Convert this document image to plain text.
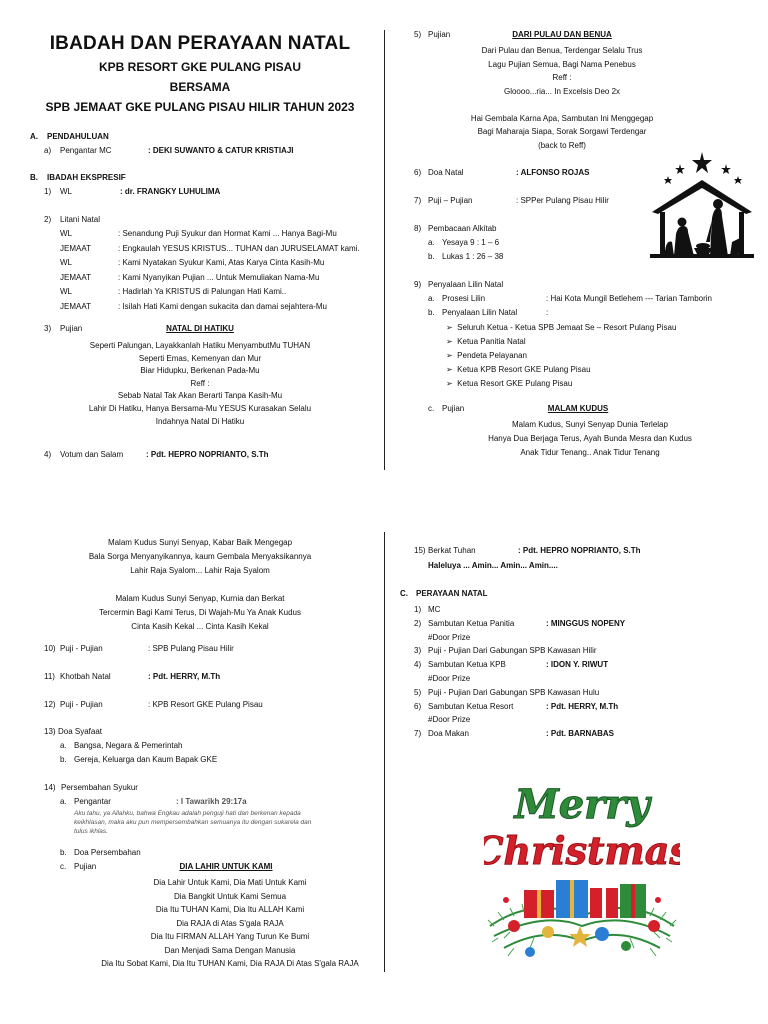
IBADAH DAN PERAYAAN NATAL
KPB RESORT GKE PULANG PISAU
BERSAMA
SPB JEMAAT GKE PULANG PISAU HILIR TAHUN 2023
A. PENDAHULUAN
a) Pengantar MC	: DEKI SUWANTO & CATUR KRISTIAJI
B. IBADAH EKSPRESIF
1) WL	: dr. FRANGKY LUHULIMA
2) Litani Natal
WL	: Senandung Puji Syukur dan Hormat Kami ... Hanya Bagi-Mu
JEMAAT	: Engkaulah YESUS KRISTUS... TUHAN dan JURUSELAMAT kami.
WL	: Kami Nyatakan Syukur Kami, Atas Karya Cinta Kasih-Mu
JEMAAT	: Kami Nyanyikan Pujian ... Untuk Memuliakan Nama-Mu
WL	: Hadirlah Ya KRISTUS di Palungan Hati Kami..
JEMAAT	: Isilah Hati Kami dengan sukacita dan damai sejahtera-Mu
3) Pujian	NATAL DI HATIKU
Seperti Palungan, Layakkanlah Hatiku MenyambutMu TUHAN
Seperti Emas, Kemenyan dan Mur
Biar Hidupku, Berkenan Pada-Mu
Reff :
Sebab Natal Tak Akan Berarti Tanpa Kasih-Mu
Lahir Di Hatiku, Hanya Bersama-Mu YESUS Kurasakan Selalu
Indahnya Natal Di Hatiku
4) Votum dan Salam	: Pdt. HEPRO NOPRIANTO, S.Th
5) Pujian	DARI PULAU DAN BENUA
Dari Pulau dan Benua, Terdengar Selalu Trus
Lagu Pujian Semua, Bagi Nama Penebus
Reff :
Gloooo...ria... In Excelsis Deo 2x
Hai Gembala Karna Apa, Sambutan Ini Menggegap
Bagi Maharaja Siapa, Sorak Sorgawi Terdengar
(back to Reff)
6) Doa Natal	: ALFONSO ROJAS
7) Puji – Pujian	: SPPer Pulang Pisau Hilir
8) Pembacaan Alkitab
a. Yesaya 9 : 1 – 6
b. Lukas 1 : 26 – 38
9) Penyalaan Lilin Natal
a. Prosesi Lilin	: Hai Kota Mungil Betlehem --- Tarian Tamborin
b. Penyalaan Lilin Natal	:
➢  Seluruh Ketua - Ketua SPB Jemaat Se – Resort Pulang Pisau
➢  Ketua Panitia Natal
➢  Pendeta Pelayanan
➢  Ketua KPB Resort GKE Pulang Pisau
➢  Ketua Resort GKE Pulang Pisau
c. Pujian	MALAM KUDUS
Malam Kudus, Sunyi Senyap Dunia Terlelap
Hanya Dua Berjaga Terus, Ayah Bunda Mesra dan Kudus
Anak Tidur Tenang.. Anak Tidur Tenang
Malam Kudus Sunyi Senyap, Kabar Baik Mengegap
Bala Sorga Menyanyikannya, kaum Gembala Menyaksikannya
Lahir Raja Syalom... Lahir Raja Syalom
Malam Kudus Sunyi Senyap, Kurnia dan Berkat
Tercermin Bagi Kami Terus, Di Wajah-Mu Ya Anak Kudus
Cinta Kasih Kekal ... Cinta Kasih Kekal
10) Puji - Pujian	: SPB Pulang Pisau Hilir
11) Khotbah Natal	: Pdt. HERRY, M.Th
12) Puji - Pujian	: KPB Resort GKE Pulang Pisau
13) Doa Syafaat
a. Bangsa, Negara & Pemerintah
b. Gereja, Keluarga dan Kaum Bapak GKE
14) Persembahan Syukur
a. Pengantar	: I Tawarikh 29:17a
Aku tahu, ya Allahku, bahwa Engkau adalah penguji hati dan berkenan kepada
keikhlasan, maka aku pun mempersembahkan semuanya itu dengan sukarela dan
tulus ikhlas.
b. Doa Persembahan
c. Pujian	DIA LAHIR UNTUK KAMI
Dia Lahir Untuk Kami, Dia Mati Untuk Kami
Dia Bangkit Untuk Kami Semua
Dia Itu TUHAN Kami, Dia Itu ALLAH Kami
Dia RAJA di Atas S'gala RAJA
Dia Itu FIRMAN ALLAH Yang Turun Ke Bumi
Dan Menjadi Sama Dengan Manusia
Dia Itu Sobat Kami, Dia Itu TUHAN Kami, Dia RAJA Di Atas S'gala RAJA
15) Berkat Tuhan	: Pdt. HEPRO NOPRIANTO, S.Th
Haleluya ... Amin... Amin... Amin....
C. PERAYAAN NATAL
1) MC
2) Sambutan Ketua Panitia	: MINGGUS NOPENY
#Door Prize
3) Puji - Pujian Dari Gabungan SPB Kawasan Hilir
4) Sambutan Ketua KPB	: IDON Y. RIWUT
#Door Prize
5) Puji - Pujian Dari Gabungan SPB Kawasan Hulu
6) Sambutan Ketua Resort	: Pdt. HERRY, M.Th
#Door Prize
7) Doa Makan	: Pdt. BARNABAS
Merry
Christmas
